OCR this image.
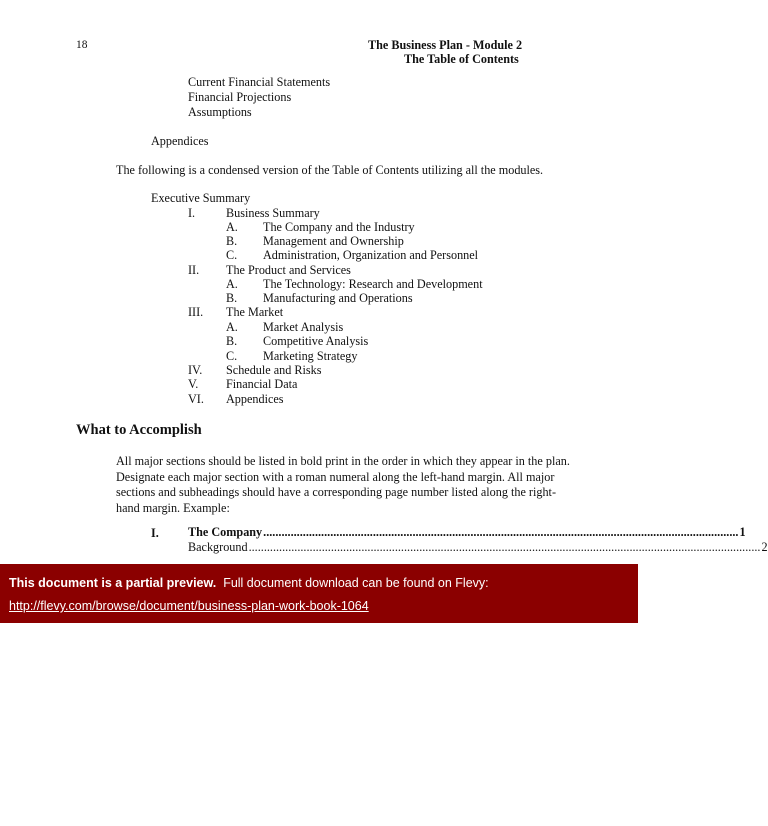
18	The Business Plan - Module 2
The Table of Contents
Current Financial Statements
Financial Projections
Assumptions
Appendices
The following is a condensed version of the Table of Contents utilizing all the modules.
Executive Summary
I.	Business Summary
A. The Company and the Industry
B. Management and Ownership
C. Administration, Organization and Personnel
II. The Product and Services
A. The Technology: Research and Development
B. Manufacturing and Operations
III. The Market
A. Market Analysis
B. Competitive Analysis
C. Marketing Strategy
IV. Schedule and Risks
V. Financial Data
VI. Appendices
What to Accomplish
All major sections should be listed in bold print in the order in which they appear in the plan. Designate each major section with a roman numeral along the left-hand margin. All major sections and subheadings should have a corresponding page number listed along the right-hand margin. Example:
I. The Company ............................................................................................................................................................ 1
Background ........................................................................................................................................................................ 2
This document is a partial preview. Full document download can be found on Flevy:
http://flevy.com/browse/document/business-plan-work-book-1064
